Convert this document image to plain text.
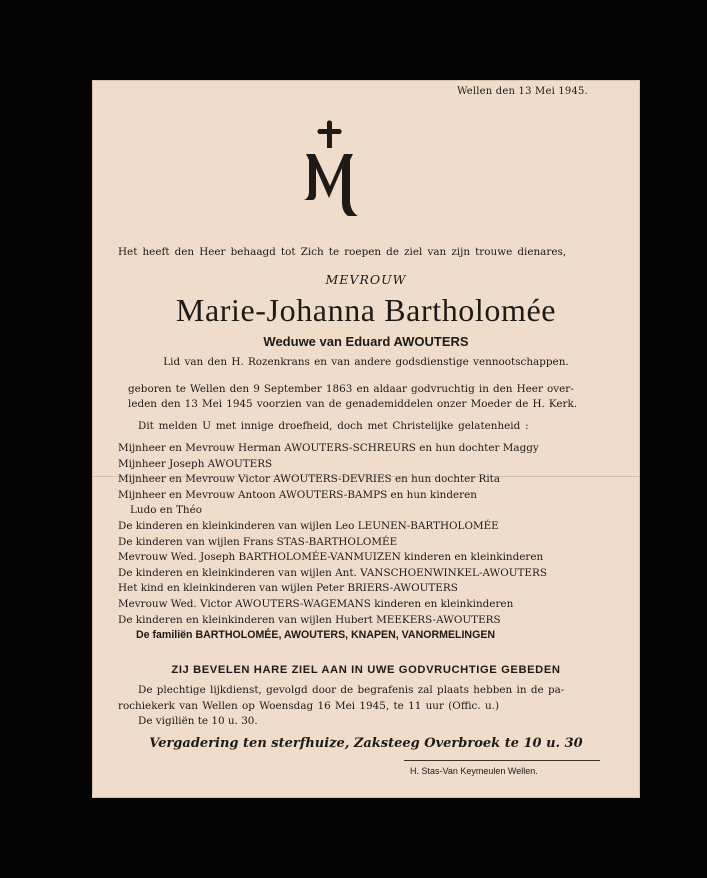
Wellen den 13 Mei 1945.
Het heeft den Heer behaagd tot Zich te roepen de ziel van zijn trouwe dienares,
MEVROUW
Marie-Johanna Bartholomée
Weduwe van Eduard AWOUTERS
Lid van den H. Rozenkrans en van andere godsdienstige vennootschappen.
geboren te Wellen den 9 September 1863 en aldaar godvruchtig in den Heer over-
leden den 13 Mei 1945 voorzien van de genademiddelen onzer Moeder de H. Kerk.
Dit melden U met innige droefheid, doch met Christelijke gelatenheid :
Mijnheer en Mevrouw Herman AWOUTERS-SCHREURS en hun dochter Maggy
Mijnheer Joseph AWOUTERS
Mijnheer en Mevrouw Victor AWOUTERS-DEVRIES en hun dochter Rita
Mijnheer en Mevrouw Antoon AWOUTERS-BAMPS en hun kinderen
Ludo en Théo
De kinderen en kleinkinderen van wijlen Leo LEUNEN-BARTHOLOMÉE
De kinderen van wijlen Frans STAS-BARTHOLOMÉE
Mevrouw Wed. Joseph BARTHOLOMÉE-VANMUIZEN kinderen en kleinkinderen
De kinderen en kleinkinderen van wijlen Ant. VANSCHOENWINKEL-AWOUTERS
Het kind en kleinkinderen van wijlen Peter BRIERS-AWOUTERS
Mevrouw Wed. Victor AWOUTERS-WAGEMANS kinderen en kleinkinderen
De kinderen en kleinkinderen van wijlen Hubert MEEKERS-AWOUTERS
De familiën BARTHOLOMÉE, AWOUTERS, KNAPEN, VANORMELINGEN
ZIJ BEVELEN HARE ZIEL AAN IN UWE GODVRUCHTIGE GEBEDEN
De plechtige lijkdienst, gevolgd door de begrafenis zal plaats hebben in de pa-
rochiekerk van Wellen op Woensdag 16 Mei 1945, te 11 uur (Offic. u.)
De vigiliën te 10 u. 30.
Vergadering ten sterfhuize, Zaksteeg Overbroek te 10 u. 30
H. Stas-Van Keymeulen Wellen.
